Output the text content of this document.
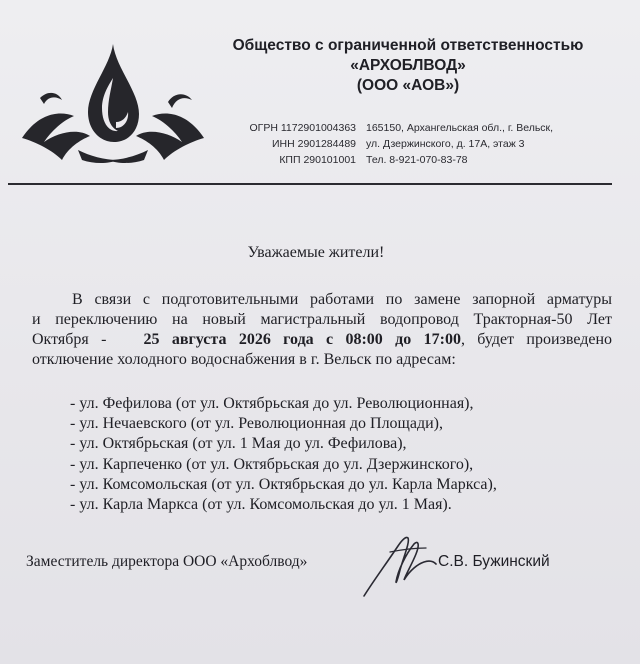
Общество с ограниченной ответственностью
«АРХОБЛВОД»
(ООО «АОВ»)
ОГРН 1172901004363
ИНН 2901284489
КПП 290101001
165150, Архангельская обл., г. Вельск,
ул. Дзержинского, д. 17А, этаж 3
Тел. 8-921-070-83-78
Уважаемые жители!
В связи с подготовительными работами по замене запорной арматуры
и переключению на новый магистральный водопровод Тракторная-50 Лет
Октября - 25 августа 2026 года с 08:00 до 17:00, будет произведено
отключение холодного водоснабжения в г. Вельск по адресам:
- ул. Фефилова (от ул. Октябрьская до ул. Революционная),
- ул. Нечаевского (от ул. Революционная до Площади),
- ул. Октябрьская (от ул. 1 Мая до ул. Фефилова),
- ул. Карпеченко (от ул. Октябрьская до ул. Дзержинского),
- ул. Комсомольская (от ул. Октябрьская до ул. Карла Маркса),
- ул. Карла Маркса (от ул. Комсомольская до ул. 1 Мая).
Заместитель директора ООО «Архоблвод»	С.В. Бужинский
